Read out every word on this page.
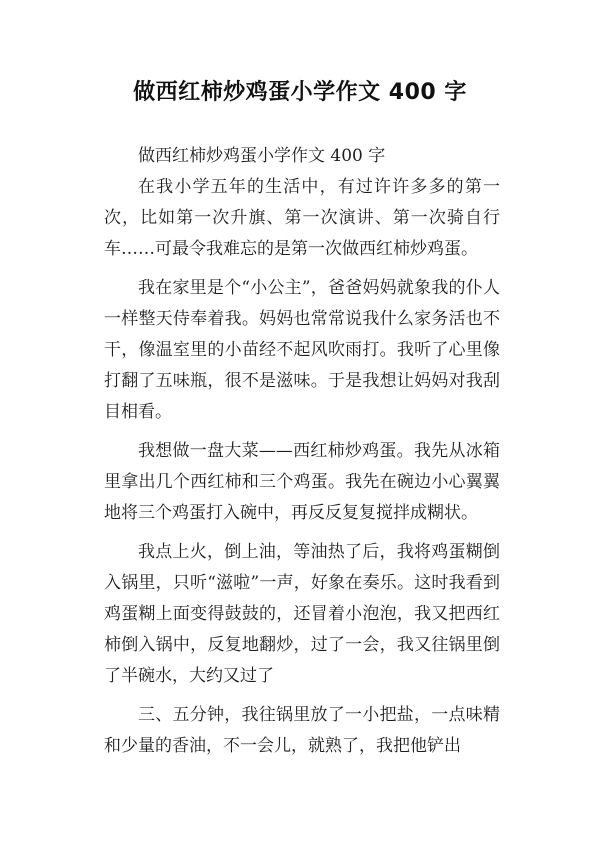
做西红柿炒鸡蛋小学作文 400 字

做西红柿炒鸡蛋小学作文 400 字

在我小学五年的生活中，有过许许多多的第一次，比如第一次升旗、第一次演讲、第一次骑自行车……可最令我难忘的是第一次做西红柿炒鸡蛋。

我在家里是个“小公主”，爸爸妈妈就象我的仆人一样整天侍奉着我。妈妈也常常说我什么家务活也不干，像温室里的小苗经不起风吹雨打。我听了心里像打翻了五味瓶，很不是滋味。于是我想让妈妈对我刮目相看。

我想做一盘大菜——西红柿炒鸡蛋。我先从冰箱里拿出几个西红柿和三个鸡蛋。我先在碗边小心翼翼地将三个鸡蛋打入碗中，再反反复复搅拌成糊状。

我点上火，倒上油，等油热了后，我将鸡蛋糊倒入锅里，只听“滋啦”一声，好象在奏乐。这时我看到鸡蛋糊上面变得鼓鼓的，还冒着小泡泡，我又把西红柿倒入锅中，反复地翻炒，过了一会，我又往锅里倒了半碗水，大约又过了

三、五分钟，我往锅里放了一小把盐，一点味精和少量的香油，不一会儿，就熟了，我把他铲出
